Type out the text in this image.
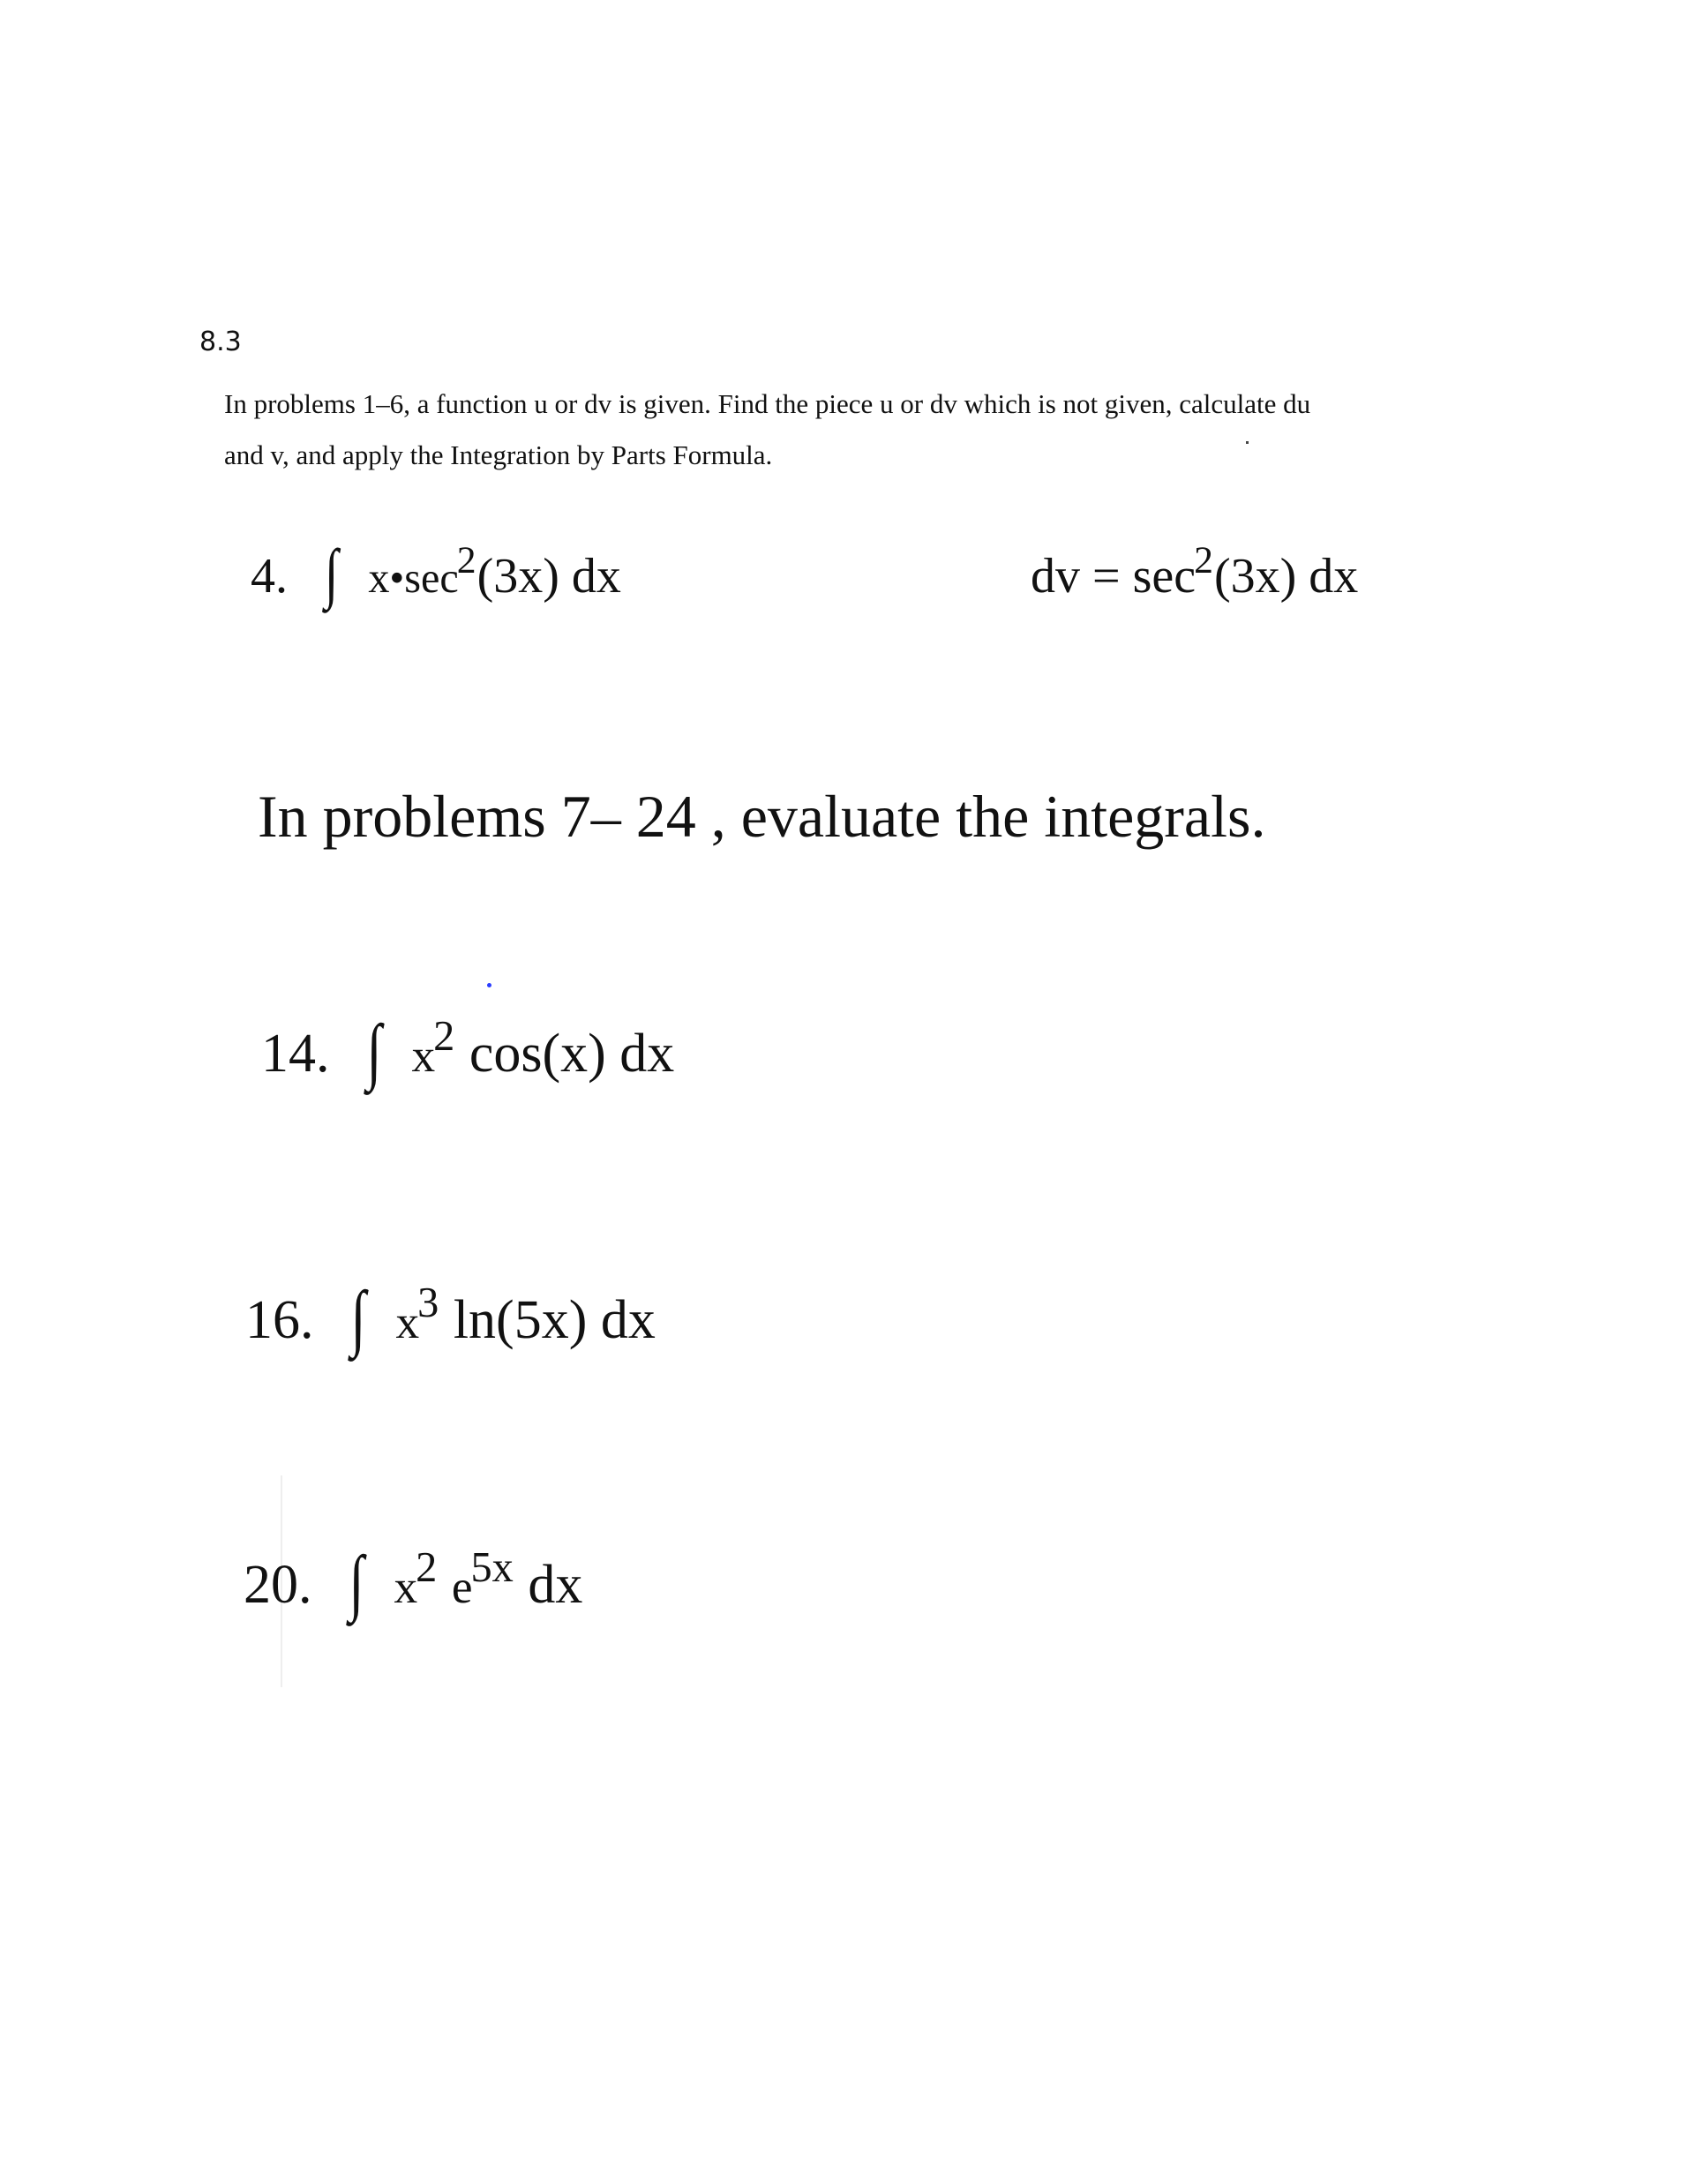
8.3
In problems 1–6, a function u or dv is given. Find the piece u or dv which is not given, calculate du
and v, and apply the Integration by Parts Formula.
4. ∫ $x•\sec^2(3x)$ dx	dv = $\sec^2(3x)$ dx
In problems 7– 24 , evaluate the integrals.
14. ∫ $x^2$ cos(x) dx
16. ∫ $x^3$ ln(5x) dx
20. ∫ $x^2$ $e^{5x}$ dx
